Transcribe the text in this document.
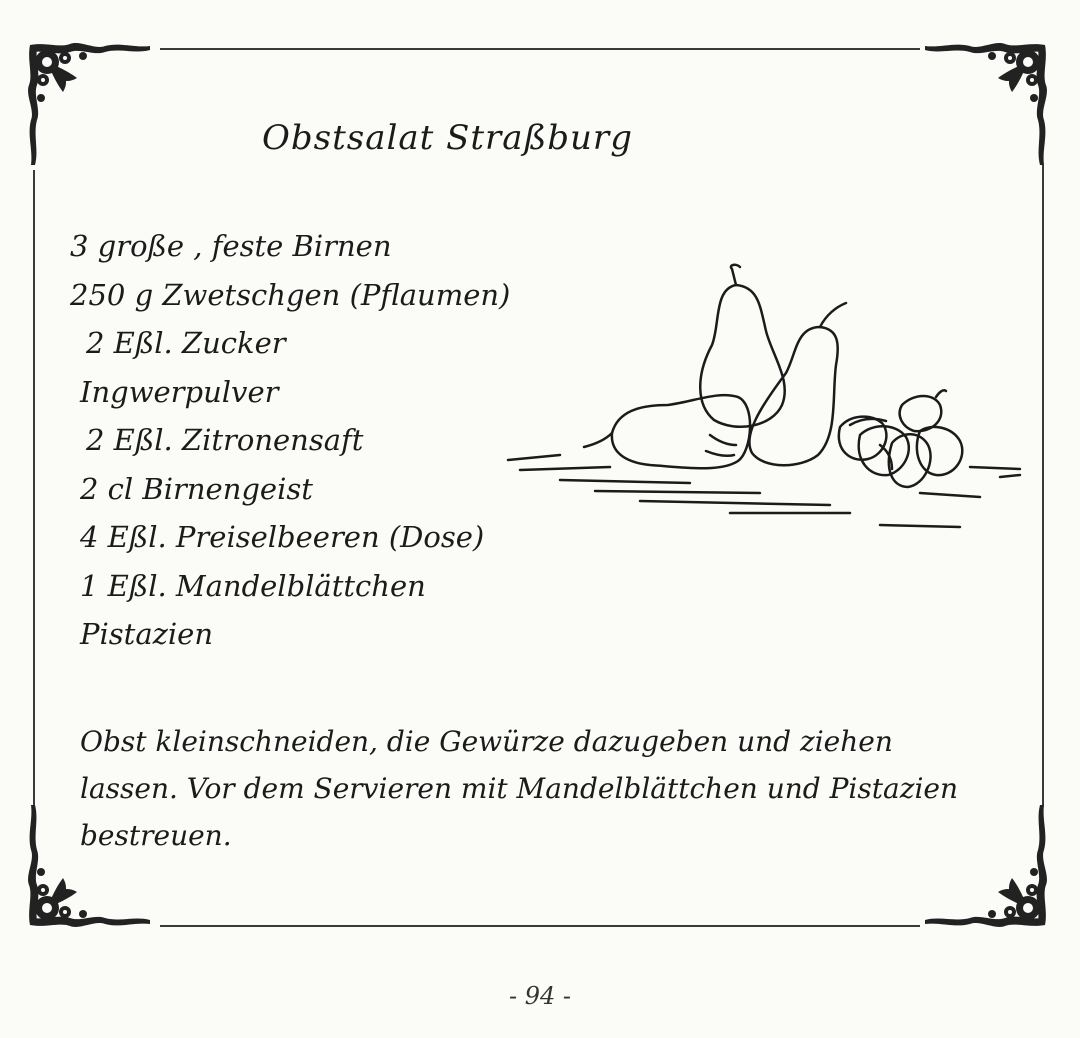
Obstsalat Straßburg
3 große , feste Birnen
250 g Zwetschgen (Pflaumen)
2 Eßl. Zucker
Ingwerpulver
2 Eßl. Zitronensaft
2 cl Birnengeist
4 Eßl. Preiselbeeren (Dose)
1 Eßl. Mandelblättchen
Pistazien

Obst kleinschneiden, die Gewürze dazugeben und ziehen lassen. Vor dem Servieren mit Mandelblättchen und Pistazien bestreuen.

- 94 -
